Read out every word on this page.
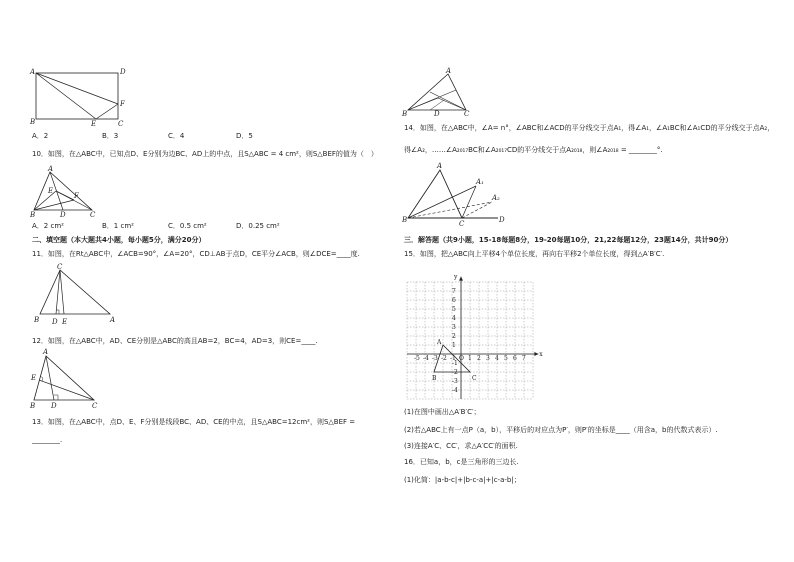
A	D
B	E	C
F
A．2	B．3	C．4	D．5
10．如图，在△ABC中，已知点D、E分别为边BC、AD上的中点，且S△ABC = 4 cm²，则S△BEF的值为（　）
A
E
F
B	D	C
A．2 cm²	B．1 cm²	C．0.5 cm²	D．0.25 cm²
二、填空题（本大题共4小题，每小题5分，满分20分）
11．如图，在Rt△ABC中，∠ACB=90°，∠A=20°，CD⊥AB于点D，CE平分∠ACB，则∠DCE=____度.
C
B D E	A
12．如图，在△ABC中，AD、CE分别是△ABC的高且AB=2，BC=4，AD=3，则CE=____.
A
E
B D	C
13．如图，在△ABC中，点D、E、F分别是线段BC、AD、CE的中点，且S△ABC=12cm²，则S△BEF =
________.
A
B	D	C
14．如图，在△ABC中，∠A= n°，∠ABC和∠ACD的平分线交于点A₁，得∠A₁，∠A₁BC和∠A₁CD的平分线交于点A₂，
得∠A₂，……∠A₂₀₁₇BC和∠A₂₀₁₇CD的平分线交于点A₂₀₁₈，则∠A₂₀₁₈ = ________°.
A
A₁
A₂
B	C	D
三．解答题（共9小题，15-18每题8分，19-20每题10分，21,22每题12分，23题14分，共计90分）
15．如图，把△ABC向上平移4个单位长度，再向右平移2个单位长度，得到△A′B′C′.
-5 -4 -3 -2 -1 O 1 2 3 4 5 6 7
7
6
5
4
3
2
1
-1
-2
-3
-4
x
y
A
B	C
(1)在图中画出△A′B′C′；
(2)若△ABC上有一点P（a，b），平移后的对应点为P′，则P′的坐标是____（用含a，b的代数式表示）.
(3)连接A′C、CC′，求△A′CC′的面积.
16．已知a，b，c是三角形的三边长.
(1)化简：|a-b-c|+|b-c-a|+|c-a-b|；
